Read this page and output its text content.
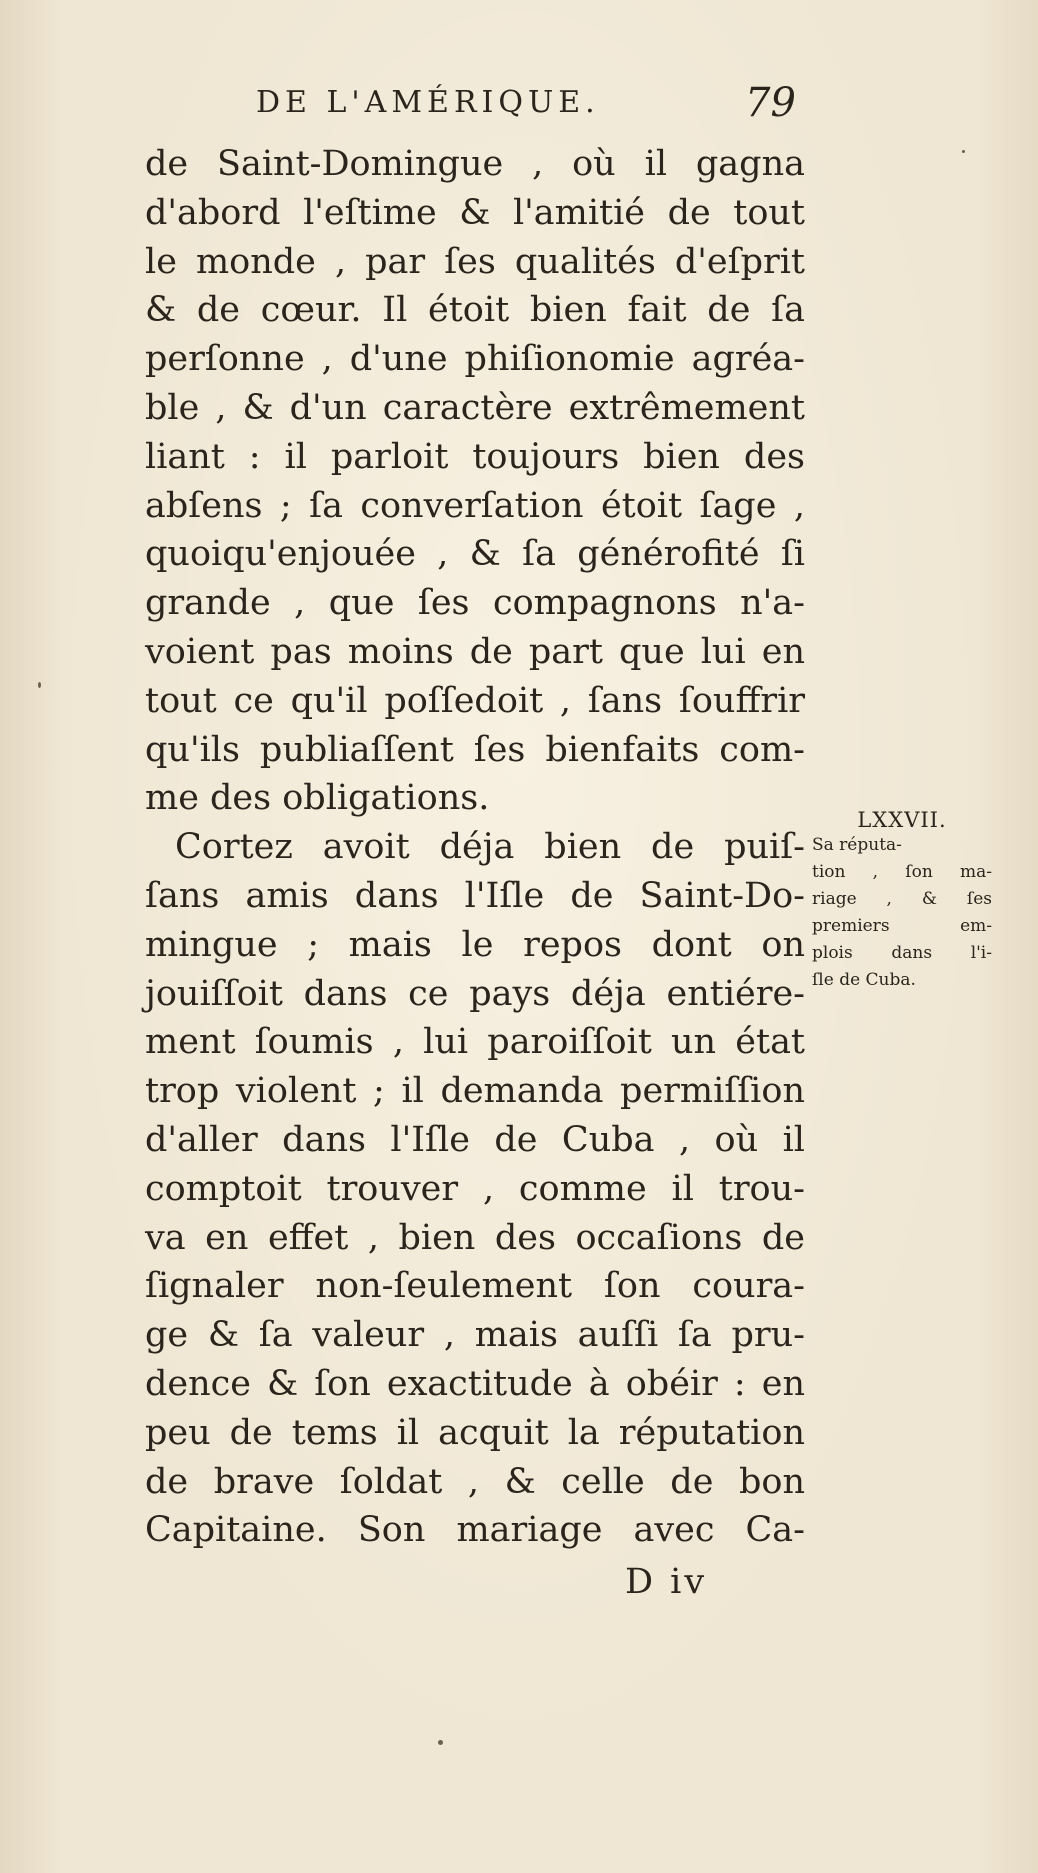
DE L'AMÉRIQUE.	79
de Saint-Domingue , où il gagna
d'abord l'eſtime & l'amitié de tout
le monde , par ſes qualités d'eſprit
& de cœur. Il étoit bien fait de ſa
perſonne , d'une phiſionomie agréa-
ble , & d'un caractère extrêmement
liant : il parloit toujours bien des
abſens ; ſa converſation étoit ſage ,
quoiqu'enjouée , & ſa générofité ſi
grande , que ſes compagnons n'a-
voient pas moins de part que lui en
tout ce qu'il poſſedoit , ſans ſouffrir
qu'ils publiaſſent ſes bienfaits com-
me des obligations.
Cortez avoit déja bien de puiſ-
ſans amis dans l'Iſle de Saint-Do-
mingue ; mais le repos dont on
jouiſſoit dans ce pays déja entiére-
ment ſoumis , lui paroiſſoit un état
trop violent ; il demanda permiſſion
d'aller dans l'Iſle de Cuba , où il
comptoit trouver , comme il trou-
va en effet , bien des occaſions de
ſignaler non-ſeulement ſon coura-
ge & ſa valeur , mais auſſi ſa pru-
dence & ſon exactitude à obéir : en
peu de tems il acquit la réputation
de brave ſoldat , & celle de bon
Capitaine. Son mariage avec Ca-
LXXVII.
Sa réputa-
tion , ſon ma-
riage , & ſes
premiers em-
plois dans l'i-
ſle de Cuba.
D iv
